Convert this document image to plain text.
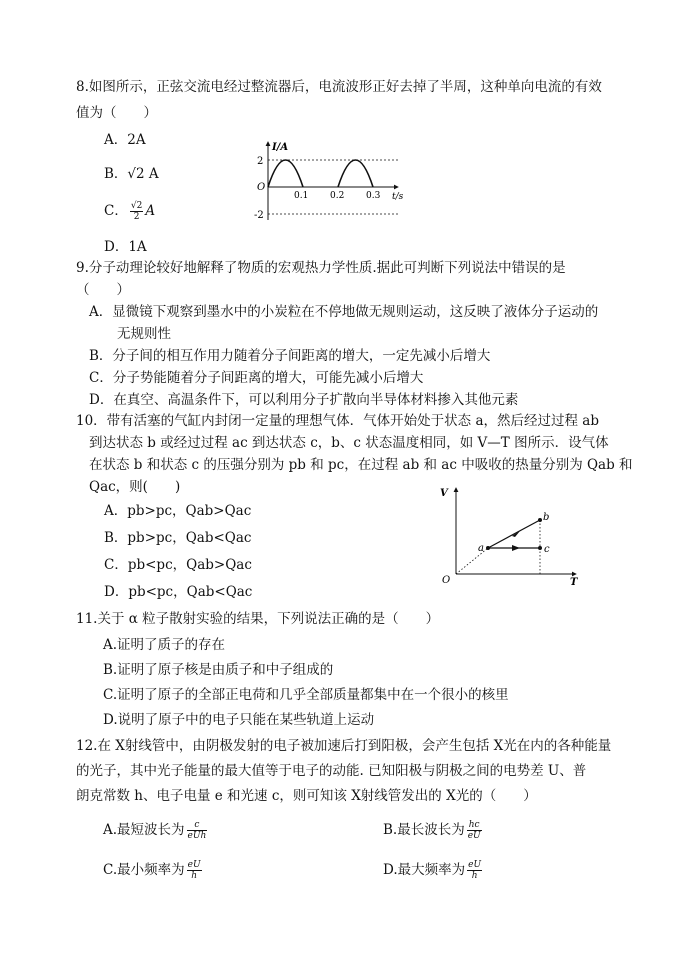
8.如图所示，正弦交流电经过整流器后，电流波形正好去掉了半周，这种单向电流的有效
值为（　　）
A．2A
B．√2 A
C． $\frac{√2}{2}$ A
D．1A
I/A
2
O
-2
0.1 0.2 0.3 t/s
9.分子动理论较好地解释了物质的宏观热力学性质.据此可判断下列说法中错误的是
（　　）
A．显微镜下观察到墨水中的小炭粒在不停地做无规则运动，这反映了液体分子运动的
无规则性
B．分子间的相互作用力随着分子间距离的增大，一定先减小后增大
C．分子势能随着分子间距离的增大，可能先减小后增大
D．在真空、高温条件下，可以利用分子扩散向半导体材料掺入其他元素
10．带有活塞的气缸内封闭一定量的理想气体．气体开始处于状态 a，然后经过过程 ab
到达状态 b 或经过过程 ac 到达状态 c，b、c 状态温度相同，如 V—T 图所示．设气体
在状态 b 和状态 c 的压强分别为 pb 和 pc，在过程 ab 和 ac 中吸收的热量分别为 Qab 和
Qac，则(　　)
A．pb>pc，Qab>Qac
B．pb>pc，Qab<Qac
C．pb<pc，Qab>Qac
D．pb<pc，Qab<Qac
V
T
O
a
b
c
11.关于 α 粒子散射实验的结果，下列说法正确的是（　　）
A.证明了质子的存在
B.证明了原子核是由质子和中子组成的
C.证明了原子的全部正电荷和几乎全部质量都集中在一个很小的核里
D.说明了原子中的电子只能在某些轨道上运动
12.在 X射线管中，由阴极发射的电子被加速后打到阳极，会产生包括 X光在内的各种能量
的光子，其中光子能量的最大值等于电子的动能. 已知阳极与阴极之间的电势差 U、普
朗克常数 h、电子电量 e 和光速 c，则可知该 X射线管发出的 X光的（　　）
A.最短波长为 $\frac{c}{\text{eUh}}$	B.最长波长为 $\frac{hc}{eU}$
C.最小频率为 $\frac{eU}{h}$	D.最大频率为 $\frac{eU}{h}$
